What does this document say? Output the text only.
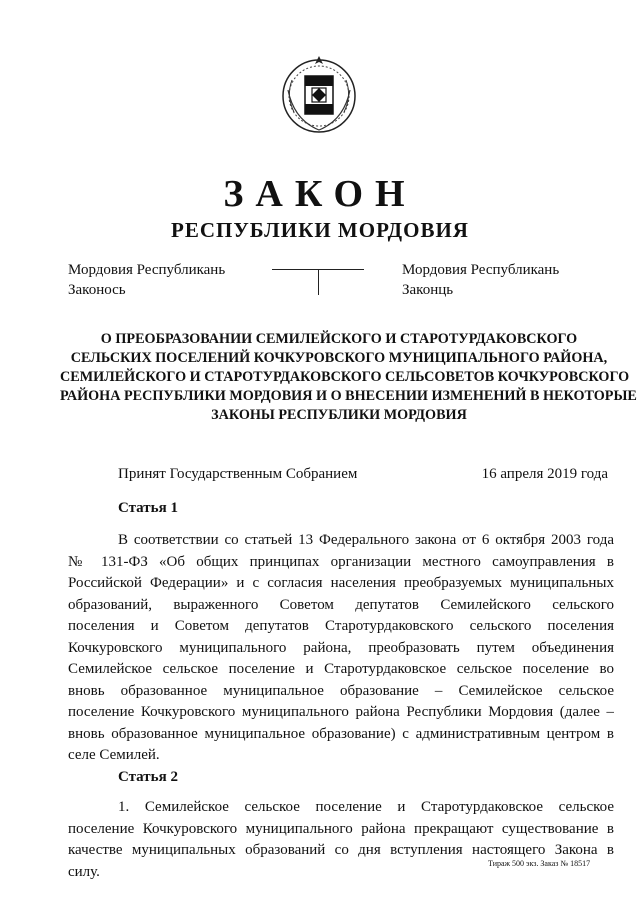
ЗАКОН
РЕСПУБЛИКИ МОРДОВИЯ
Мордовия Республикань
Законось
Мордовия Республикань
Законць
О ПРЕОБРАЗОВАНИИ СЕМИЛЕЙСКОГО И СТАРОТУРДАКОВСКОГО
СЕЛЬСКИХ ПОСЕЛЕНИЙ КОЧКУРОВСКОГО МУНИЦИПАЛЬНОГО РАЙОНА,
СЕМИЛЕЙСКОГО И СТАРОТУРДАКОВСКОГО СЕЛЬСОВЕТОВ КОЧКУРОВСКОГО
РАЙОНА РЕСПУБЛИКИ МОРДОВИЯ И О ВНЕСЕНИИ ИЗМЕНЕНИЙ В НЕКОТОРЫЕ
ЗАКОНЫ РЕСПУБЛИКИ МОРДОВИЯ
Принят Государственным Собранием	16 апреля 2019 года
Статья 1
В соответствии со статьей 13 Федерального закона от 6 октября 2003 года
№ 131-ФЗ «Об общих принципах организации местного самоуправления в
Российской Федерации» и с согласия населения преобразуемых муниципальных
образований, выраженного Советом депутатов Семилейского сельского
поселения и Советом депутатов Старотурдаковского сельского поселения
Кочкуровского муниципального района, преобразовать путем объединения
Семилейское сельское поселение и Старотурдаковское сельское поселение во
вновь образованное муниципальное образование – Семилейское сельское
поселение Кочкуровского муниципального района Республики Мордовия (далее –
вновь образованное муниципальное образование) с административным центром в
селе Семилей.
Статья 2
1. Семилейское сельское поселение и Старотурдаковское сельское
поселение Кочкуровского муниципального района прекращают существование в
качестве муниципальных образований со дня вступления настоящего Закона в
силу.	Тираж 500 экз. Заказ № 18517
